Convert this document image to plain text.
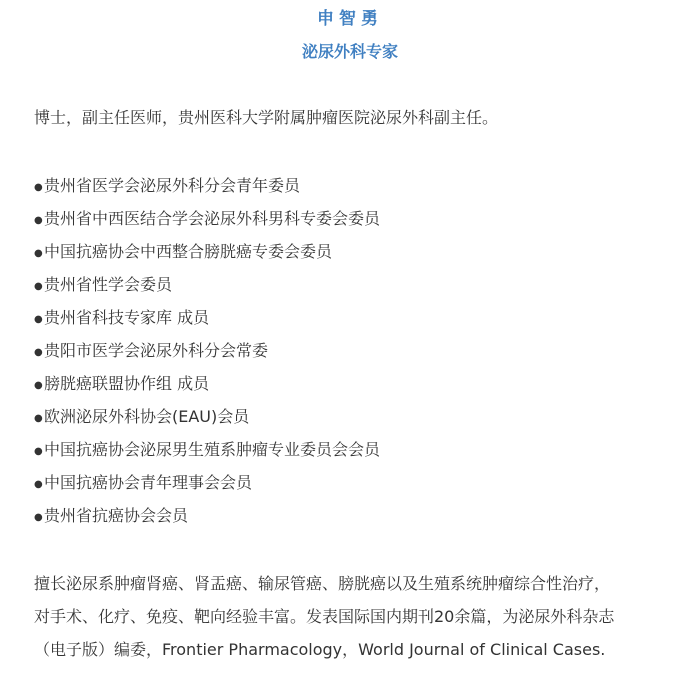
申智勇
泌尿外科专家
博士，副主任医师，贵州医科大学附属肿瘤医院泌尿外科副主任。
●贵州省医学会泌尿外科分会青年委员
●贵州省中西医结合学会泌尿外科男科专委会委员
●中国抗癌协会中西整合膀胱癌专委会委员
●贵州省性学会委员
●贵州省科技专家库 成员
●贵阳市医学会泌尿外科分会常委
●膀胱癌联盟协作组 成员
●欧洲泌尿外科协会(EAU)会员
●中国抗癌协会泌尿男生殖系肿瘤专业委员会会员
●中国抗癌协会青年理事会会员
●贵州省抗癌协会会员
擅长泌尿系肿瘤肾癌、肾盂癌、输尿管癌、膀胱癌以及生殖系统肿瘤综合性治疗，
对手术、化疗、免疫、靶向经验丰富。发表国际国内期刊20余篇，为泌尿外科杂志
（电子版）编委，Frontier Pharmacology，World Journal of Clinical Cases.
